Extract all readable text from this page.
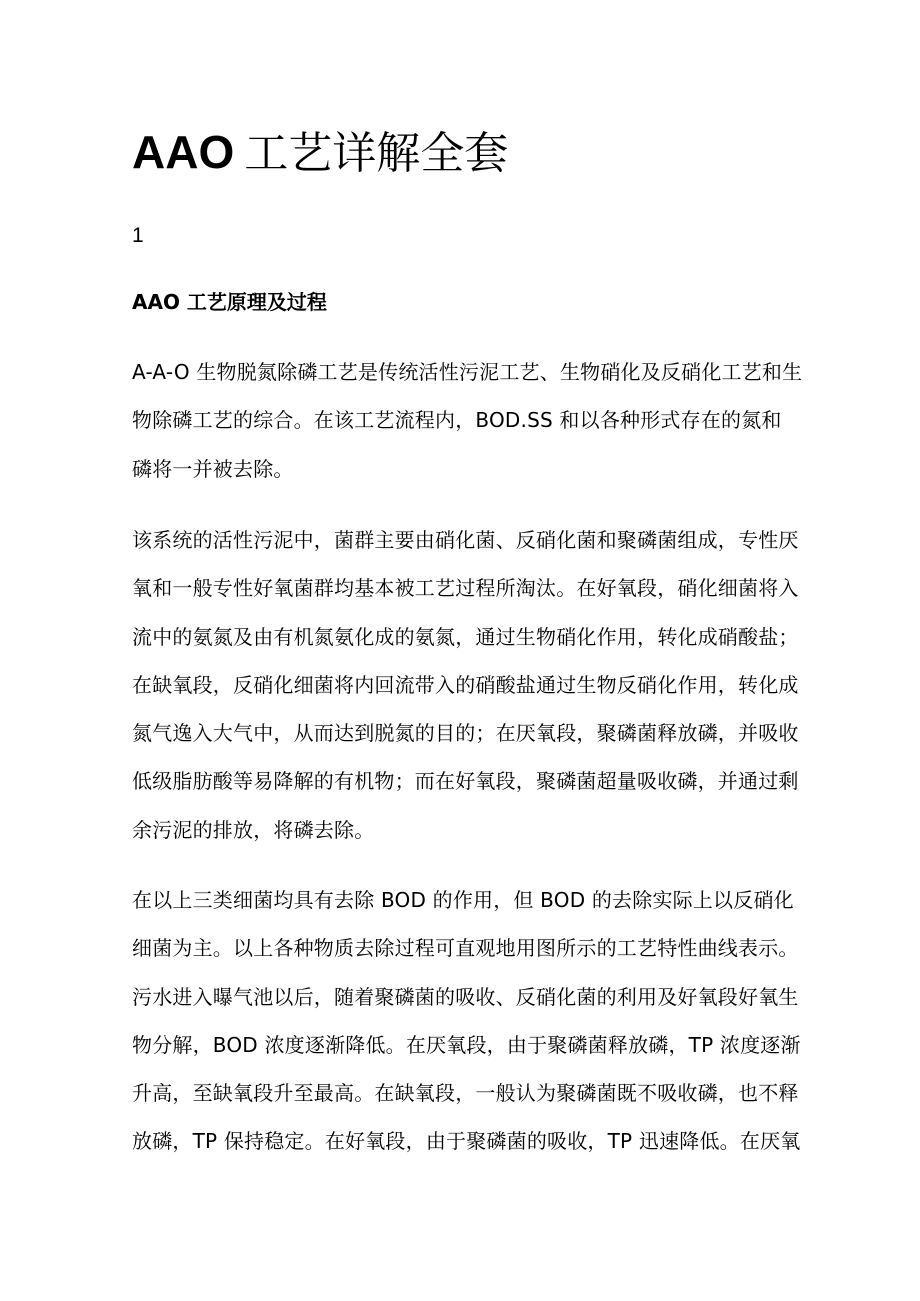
AAO 工艺详解全套
1
AAO 工艺原理及过程

A-A-O 生物脱氮除磷工艺是传统活性污泥工艺、生物硝化及反硝化工艺和生
物除磷工艺的综合。在该工艺流程内，BOD.SS 和以各种形式存在的氮和
磷将一并被去除。

该系统的活性污泥中，菌群主要由硝化菌、反硝化菌和聚磷菌组成，专性厌
氧和一般专性好氧菌群均基本被工艺过程所淘汰。在好氧段，硝化细菌将入
流中的氨氮及由有机氮氨化成的氨氮，通过生物硝化作用，转化成硝酸盐；
在缺氧段，反硝化细菌将内回流带入的硝酸盐通过生物反硝化作用，转化成
氮气逸入大气中，从而达到脱氮的目的；在厌氧段，聚磷菌释放磷，并吸收
低级脂肪酸等易降解的有机物；而在好氧段，聚磷菌超量吸收磷，并通过剩
余污泥的排放，将磷去除。

在以上三类细菌均具有去除 BOD 的作用，但 BOD 的去除实际上以反硝化
细菌为主。以上各种物质去除过程可直观地用图所示的工艺特性曲线表示。
污水进入曝气池以后，随着聚磷菌的吸收、反硝化菌的利用及好氧段好氧生
物分解，BOD 浓度逐渐降低。在厌氧段，由于聚磷菌释放磷，TP 浓度逐渐
升高，至缺氧段升至最高。在缺氧段，一般认为聚磷菌既不吸收磷，也不释
放磷，TP 保持稳定。在好氧段，由于聚磷菌的吸收，TP 迅速降低。在厌氧
